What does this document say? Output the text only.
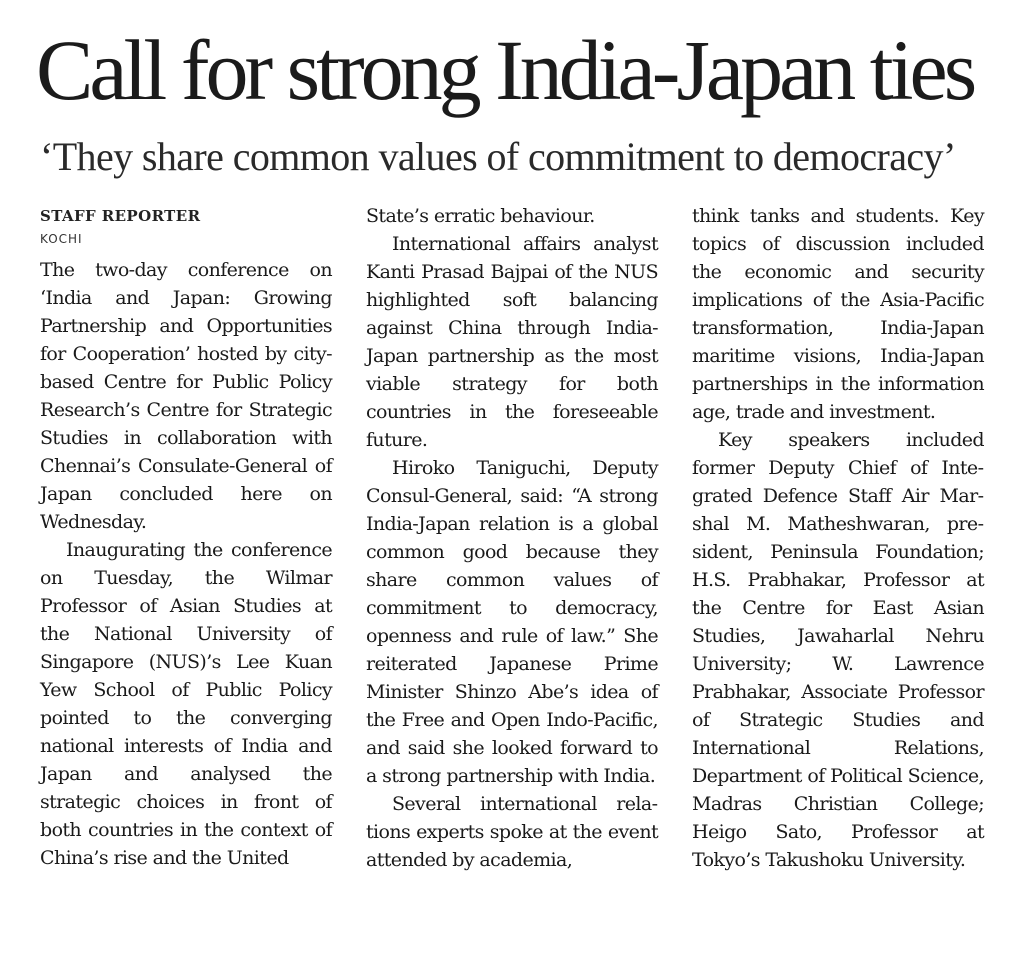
Call for strong India-Japan ties
‘They share common values of commitment to democracy’

STAFF REPORTER

KOCHI

The two-day conference on ‘India and Japan: Growing Partnership and Opportunities for Cooperation’ hosted by city-based Centre for Public Policy Research’s Centre for Strategic Studies in collaboration with Chennai’s Consulate-General of Japan concluded here on Wednesday.

Inaugurating the conference on Tuesday, the Wilmar Professor of Asian Studies at the National University of Singapore (NUS)’s Lee Kuan Yew School of Public Policy pointed to the converging national interests of India and Japan and analysed the strategic choices in front of both countries in the context of China’s rise and the United

State’s erratic behaviour.

International affairs analyst Kanti Prasad Bajpai of the NUS highlighted soft balancing against China through India-Japan partnership as the most viable strategy for both countries in the foreseeable future.

Hiroko Taniguchi, Deputy Consul-General, said: “A strong India-Japan relation is a global common good because they share common values of commitment to democracy, openness and rule of law.” She reiterated Japanese Prime Minister Shinzo Abe’s idea of the Free and Open Indo-Pacific, and said she looked forward to a strong partnership with India.

Several international relations experts spoke at the event attended by academia,

think tanks and students. Key topics of discussion included the economic and security implications of the Asia-Pacific transformation, India-Japan maritime visions, India-Japan partnerships in the information age, trade and investment.

Key speakers included former Deputy Chief of Integrated Defence Staff Air Marshal M. Matheshwaran, president, Peninsula Foundation; H.S. Prabhakar, Professor at the Centre for East Asian Studies, Jawaharlal Nehru University; W. Lawrence Prabhakar, Associate Professor of Strategic Studies and International Relations, Department of Political Science, Madras Christian College; Heigo Sato, Professor at Tokyo’s Takushoku University.
